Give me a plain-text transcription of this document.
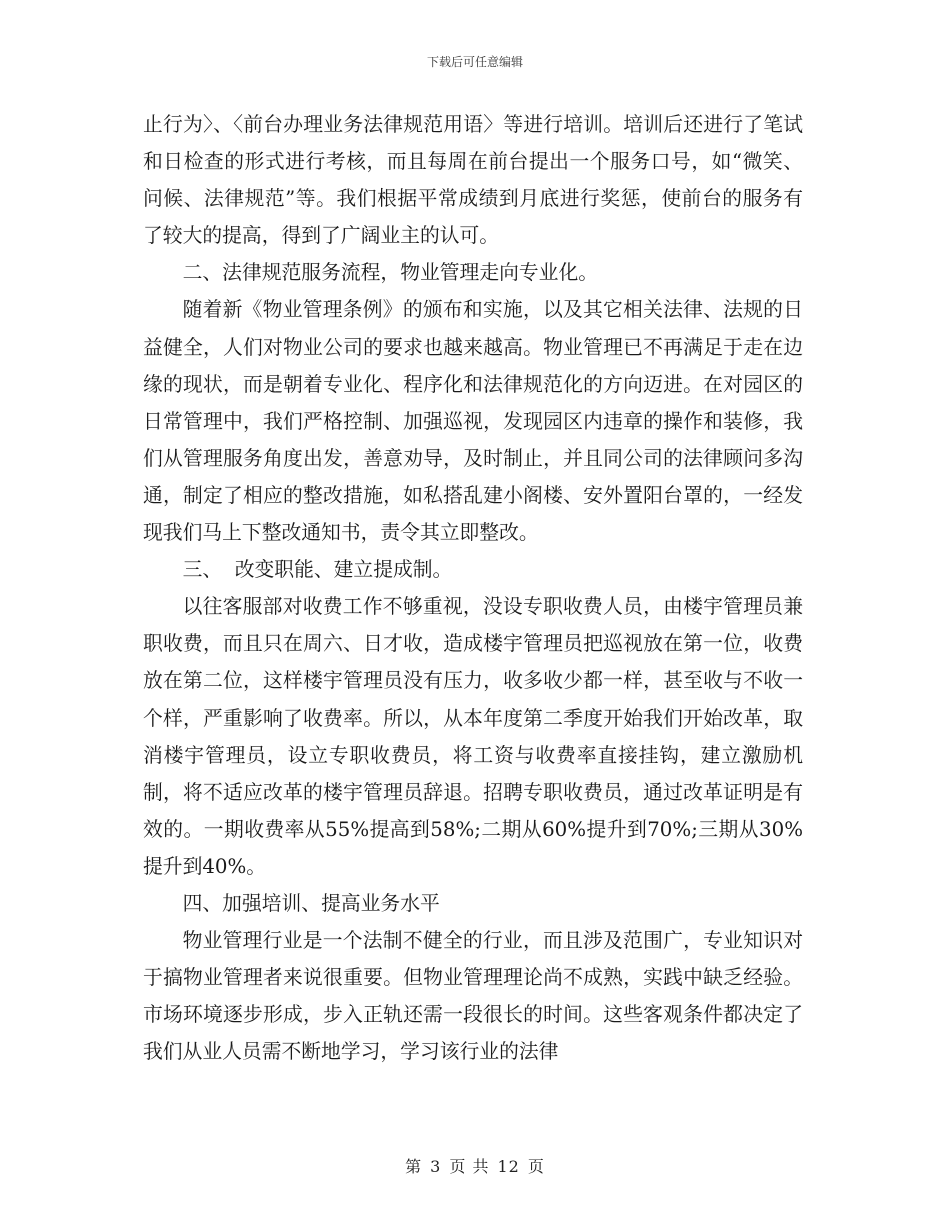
下载后可任意编辑

止行为〉、〈前台办理业务法律规范用语〉等进行培训。培训后还进行了笔试和日检查的形式进行考核，而且每周在前台提出一个服务口号，如“微笑、问候、法律规范”等。我们根据平常成绩到月底进行奖惩，使前台的服务有了较大的提高，得到了广阔业主的认可。

二、法律规范服务流程，物业管理走向专业化。

随着新《物业管理条例》的颁布和实施，以及其它相关法律、法规的日益健全，人们对物业公司的要求也越来越高。物业管理已不再满足于走在边缘的现状，而是朝着专业化、程序化和法律规范化的方向迈进。在对园区的日常管理中，我们严格控制、加强巡视，发现园区内违章的操作和装修，我们从管理服务角度出发，善意劝导，及时制止，并且同公司的法律顾问多沟通，制定了相应的整改措施，如私搭乱建小阁楼、安外置阳台罩的，一经发现我们马上下整改通知书，责令其立即整改。

三、  改变职能、建立提成制。

以往客服部对收费工作不够重视，没设专职收费人员，由楼宇管理员兼职收费，而且只在周六、日才收，造成楼宇管理员把巡视放在第一位，收费放在第二位，这样楼宇管理员没有压力，收多收少都一样，甚至收与不收一个样，严重影响了收费率。所以，从本年度第二季度开始我们开始改革，取消楼宇管理员，设立专职收费员，将工资与收费率直接挂钩，建立激励机制，将不适应改革的楼宇管理员辞退。招聘专职收费员，通过改革证明是有效的。一期收费率从55%提高到58%;二期从60%提升到70%;三期从30%提升到40%。

四、加强培训、提高业务水平

物业管理行业是一个法制不健全的行业，而且涉及范围广，专业知识对于搞物业管理者来说很重要。但物业管理理论尚不成熟，实践中缺乏经验。市场环境逐步形成，步入正轨还需一段很长的时间。这些客观条件都决定了我们从业人员需不断地学习，学习该行业的法律

第 3 页 共 12 页
